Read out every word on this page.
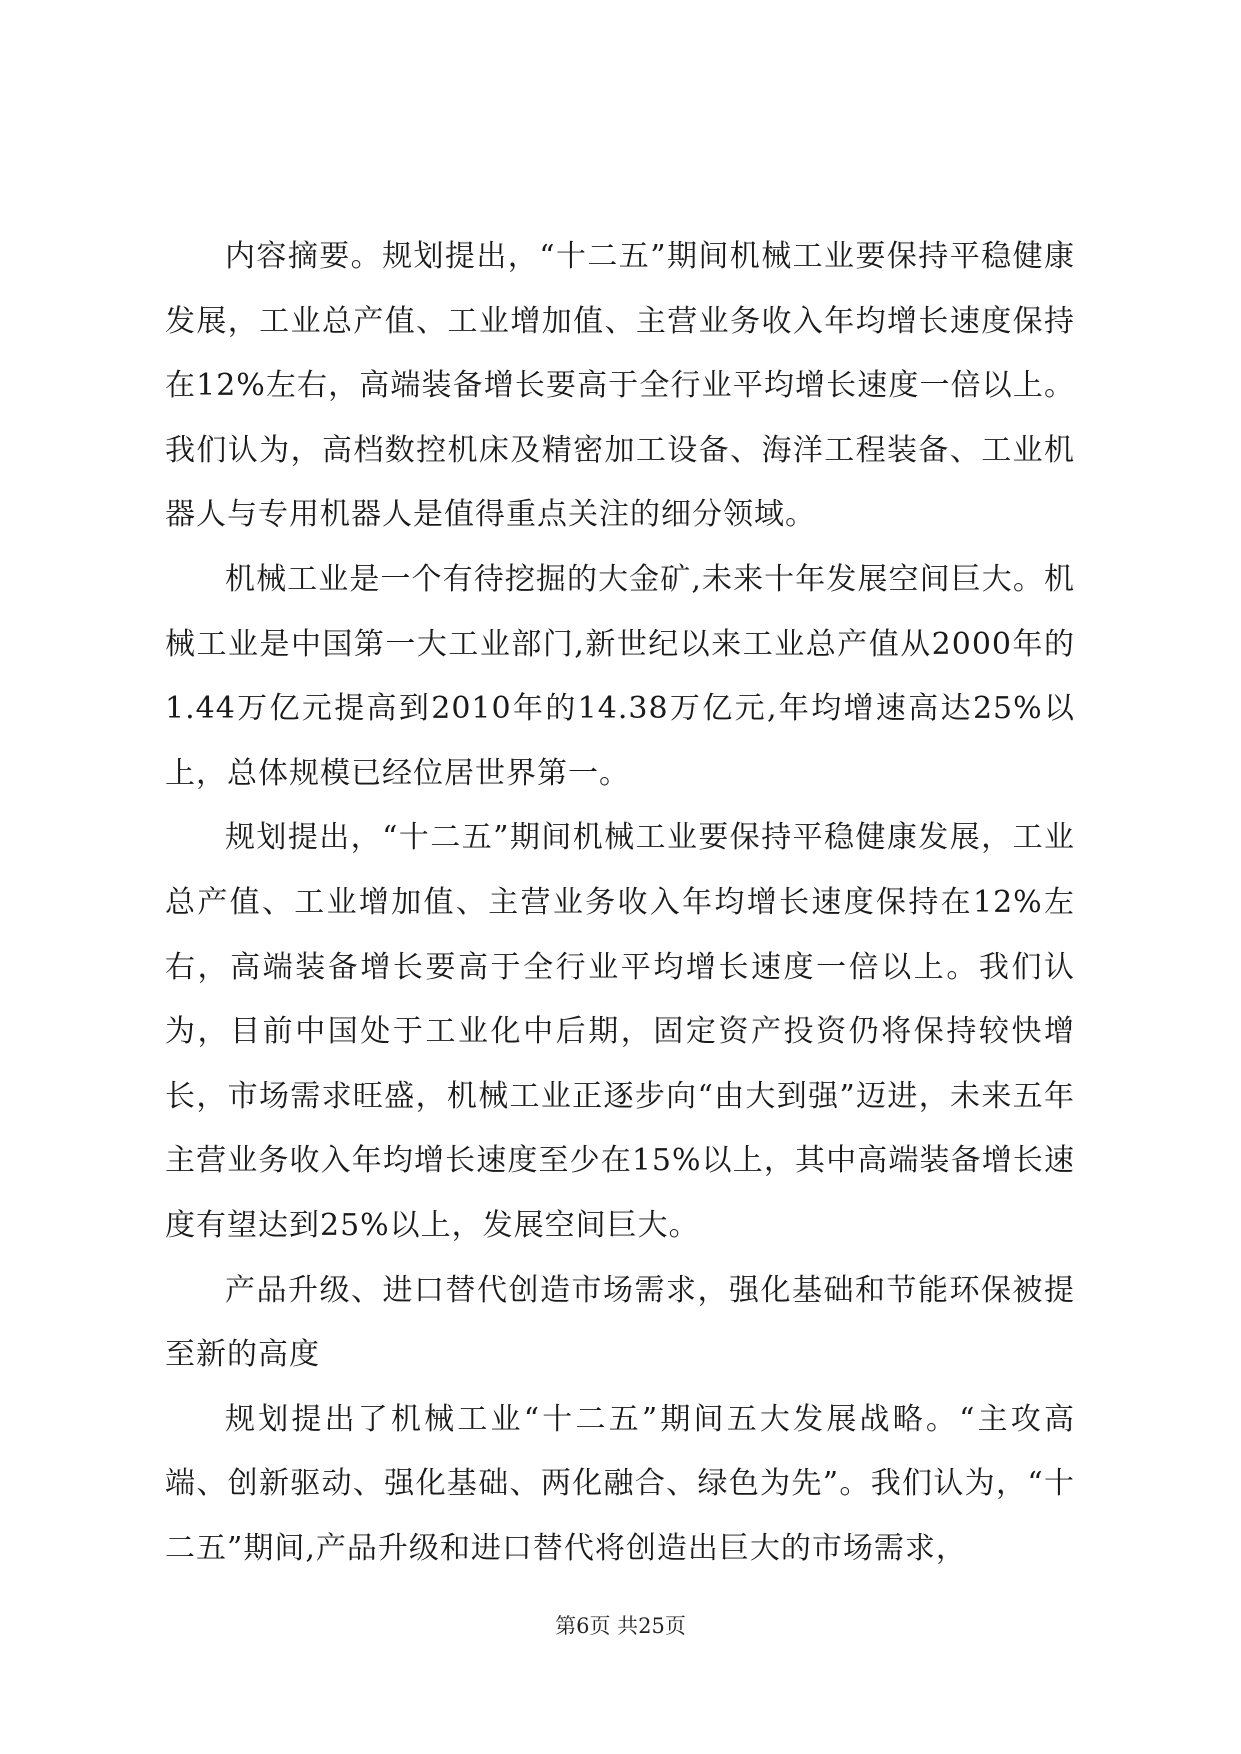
内容摘要。规划提出，“十二五”期间机械工业要保持平稳健康发展，工业总产值、工业增加值、主营业务收入年均增长速度保持在12%左右，高端装备增长要高于全行业平均增长速度一倍以上。我们认为，高档数控机床及精密加工设备、海洋工程装备、工业机器人与专用机器人是值得重点关注的细分领域。

机械工业是一个有待挖掘的大金矿,未来十年发展空间巨大。机械工业是中国第一大工业部门,新世纪以来工业总产值从2000年的1.44万亿元提高到2010年的14.38万亿元,年均增速高达25%以上，总体规模已经位居世界第一。

规划提出，“十二五”期间机械工业要保持平稳健康发展，工业总产值、工业增加值、主营业务收入年均增长速度保持在12%左右，高端装备增长要高于全行业平均增长速度一倍以上。我们认为，目前中国处于工业化中后期，固定资产投资仍将保持较快增长，市场需求旺盛，机械工业正逐步向“由大到强”迈进，未来五年主营业务收入年均增长速度至少在15%以上，其中高端装备增长速度有望达到25%以上，发展空间巨大。

产品升级、进口替代创造市场需求，强化基础和节能环保被提至新的高度

规划提出了机械工业“十二五”期间五大发展战略。“主攻高端、创新驱动、强化基础、两化融合、绿色为先”。我们认为，“十二五”期间,产品升级和进口替代将创造出巨大的市场需求，

第6页 共25页
